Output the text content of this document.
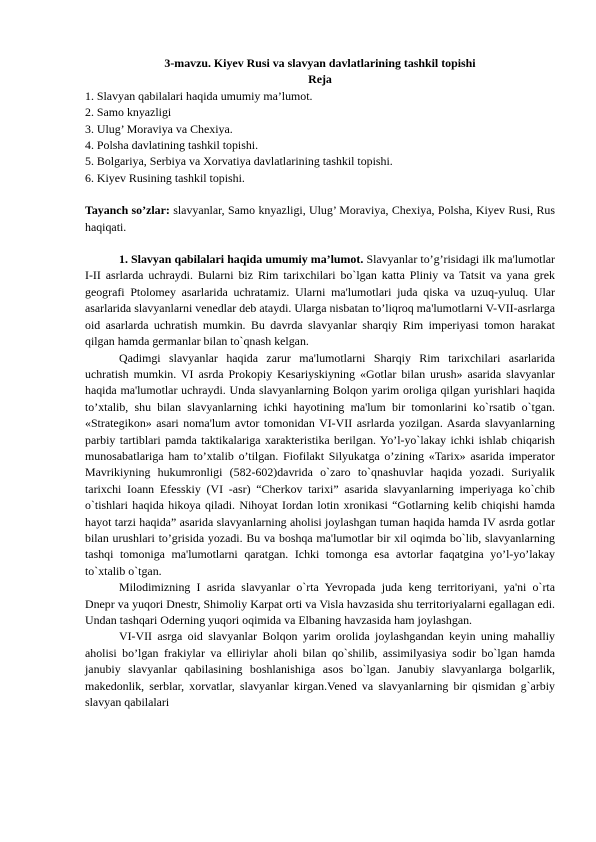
3-mavzu. Kiyev Rusi va slavyan davlatlarining tashkil topishi

Reja

1. Slavyan qabilalari haqida umumiy ma’lumot.
2. Samo knyazligi
3. Ulug’ Moraviya va Chexiya.
4. Polsha davlatining tashkil topishi.
5. Bolgariya, Serbiya va Xorvatiya davlatlarining tashkil topishi.
6. Kiyev Rusining tashkil topishi.

Tayanch so’zlar: slavyanlar, Samo knyazligi, Ulug’ Moraviya, Chexiya, Polsha, Kiyev Rusi, Rus haqiqati.

1. Slavyan qabilalari haqida umumiy ma’lumot. Slavyanlar to’g’risidagi ilk ma'lumotlar I-II asrlarda uchraydi. Bularni biz Rim tarixchilari bo`lgan katta Pliniy va Tatsit va yana grek geografi Ptolomey asarlarida uchratamiz. Ularni ma'lumotlari juda qiska va uzuq-yuluq. Ular asarlarida slavyanlarni venedlar deb ataydi. Ularga nisbatan to’liqroq ma'lumotlarni V-VII-asrlarga oid asarlarda uchratish mumkin. Bu davrda slavyanlar sharqiy Rim imperiyasi tomon harakat qilgan hamda germanlar bilan to`qnash kelgan.

Qadimgi slavyanlar haqida zarur ma'lumotlarni Sharqiy Rim tarixchilari asarlarida uchratish mumkin. VI asrda Prokopiy Kesariyskiyning «Gotlar bilan urush» asarida slavyanlar haqida ma'lumotlar uchraydi. Unda slavyanlarning Bolqon yarim oroliga qilgan yurishlari haqida to’xtalib, shu bilan slavyanlarning ichki hayotining ma'lum bir tomonlarini ko`rsatib o`tgan. «Strategikon» asari noma'lum avtor tomonidan VI-VII asrlarda yozilgan. Asarda slavyanlarning parbiy tartiblari pamda taktikalariga xarakteristika berilgan. Yo’l-yo`lakay ichki ishlab chiqarish munosabatlariga ham to’xtalib o’tilgan. Fiofilakt Silyukatga o’zining «Tarix» asarida imperator Mavrikiyning hukumronligi (582-602)davrida o`zaro to`qnashuvlar haqida yozadi. Suriyalik tarixchi Ioann Efesskiy (VI -asr) “Cherkov tarixi” asarida slavyanlarning imperiyaga ko`chib o`tishlari haqida hikoya qiladi. Nihoyat Iordan lotin xronikasi “Gotlarning kelib chiqishi hamda hayot tarzi haqida” asarida slavyanlarning aholisi joylashgan tuman haqida hamda IV asrda gotlar bilan urushlari to’grisida yozadi. Bu va boshqa ma'lumotlar bir xil oqimda bo`lib, slavyanlarning tashqi tomoniga ma'lumotlarni qaratgan. Ichki tomonga esa avtorlar faqatgina yo’l-yo’lakay to`xtalib o`tgan.

Milodimizning I asrida slavyanlar o`rta Yevropada juda keng territoriyani, ya'ni o`rta Dnepr va yuqori Dnestr, Shimoliy Karpat orti va Visla havzasida shu territoriyalarni egallagan edi. Undan tashqari Oderning yuqori oqimida va Elbaning havzasida ham joylashgan.

VI-VII asrga oid slavyanlar Bolqon yarim orolida joylashgandan keyin uning mahalliy aholisi bo’lgan frakiylar va elliriylar aholi bilan qo`shilib, assimilyasiya sodir bo`lgan hamda janubiy slavyanlar qabilasining boshlanishiga asos bo`lgan. Janubiy slavyanlarga bolgarlik, makedonlik, serblar, xorvatlar, slavyanlar kirgan.Vened va slavyanlarning bir qismidan g`arbiy slavyan qabilalari
